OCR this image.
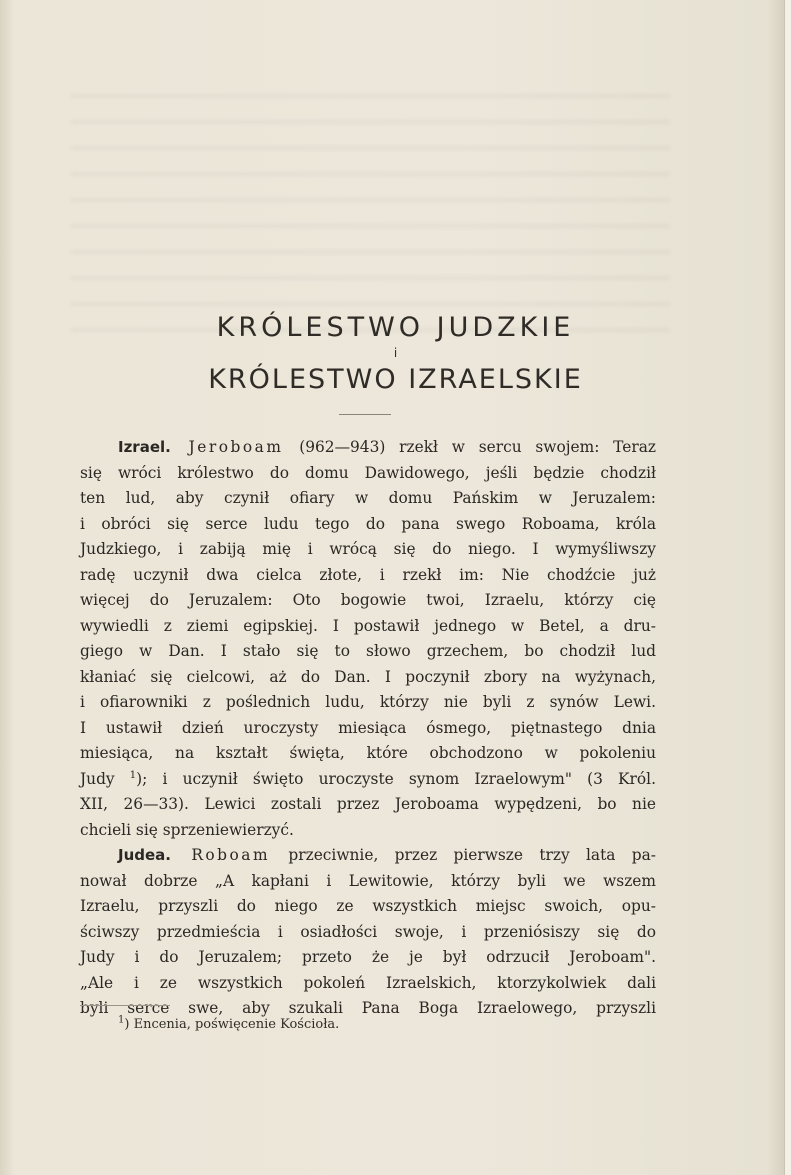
KRÓLESTWO JUDZKIE
i
KRÓLESTWO IZRAELSKIE
Izrael. Jeroboam (962—943) rzekł w sercu swojem: Teraz
się wróci królestwo do domu Dawidowego, jeśli będzie chodził
ten lud, aby czynił ofiary w domu Pańskim w Jeruzalem:
i obróci się serce ludu tego do pana swego Roboama, króla
Judzkiego, i zabiją mię i wrócą się do niego. I wymyśliwszy
radę uczynił dwa cielca złote, i rzekł im: Nie chodźcie już
więcej do Jeruzalem: Oto bogowie twoi, Izraelu, którzy cię
wywiedli z ziemi egipskiej. I postawił jednego w Betel, a dru-
giego w Dan. I stało się to słowo grzechem, bo chodził lud
kłaniać się cielcowi, aż do Dan. I poczynił zbory na wyżynach,
i ofiarowniki z poślednich ludu, którzy nie byli z synów Lewi.
I ustawił dzień uroczysty miesiąca ósmego, piętnastego dnia
miesiąca, na kształt święta, które obchodzono w pokoleniu
Judy $^1$); i uczynił święto uroczyste synom Izraelowym" (3 Król.
XII, 26—33). Lewici zostali przez Jeroboama wypędzeni, bo nie
chcieli się sprzeniewierzyć.
Judea. Roboam przeciwnie, przez pierwsze trzy lata pa-
nował dobrze „A kapłani i Lewitowie, którzy byli we wszem
Izraelu, przyszli do niego ze wszystkich miejsc swoich, opu-
ściwszy przedmieścia i osiadłości swoje, i przeniósiszy się do
Judy i do Jeruzalem; przeto że je był odrzucił Jeroboam".
„Ale i ze wszystkich pokoleń Izraelskich, ktorzykolwiek dali
byli serce swe, aby szukali Pana Boga Izraelowego, przyszli
$^1$) Encenia, poświęcenie Kościoła.
